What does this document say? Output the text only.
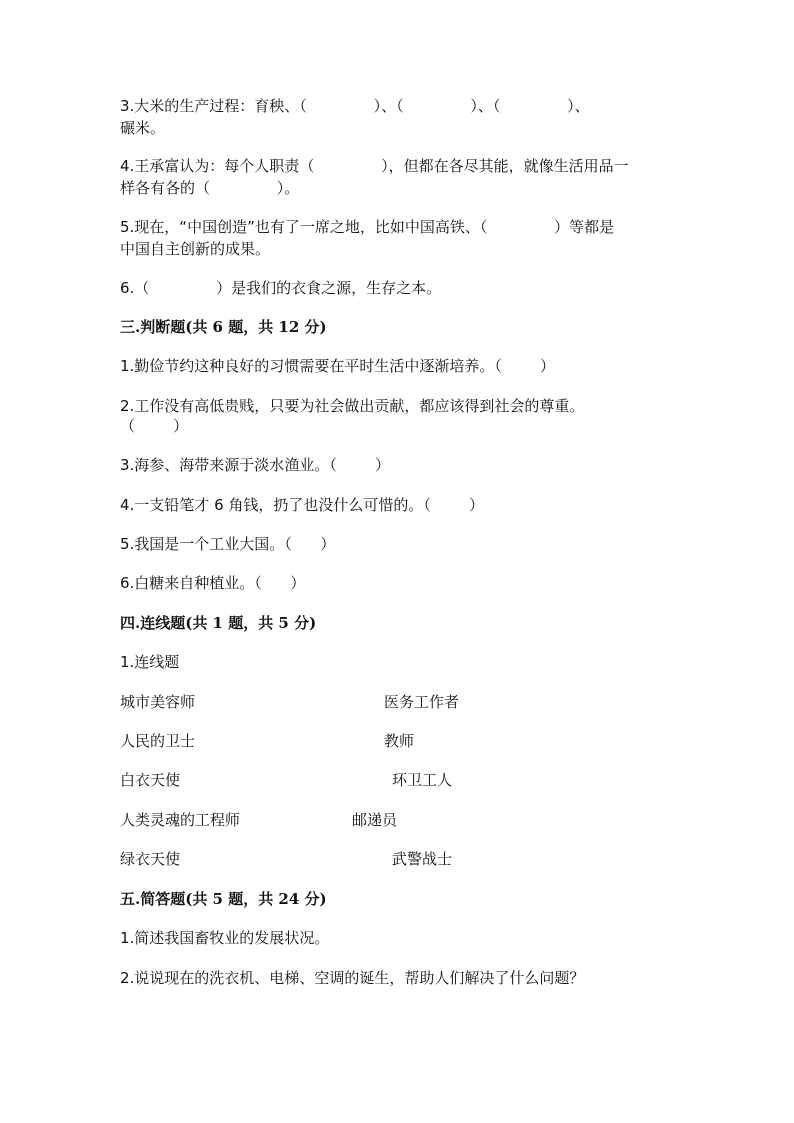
3.大米的生产过程：育秧、（              ）、（              ）、（              ）、
碾米。
4.王承富认为：每个人职责（              ），但都在各尽其能，就像生活用品一
样各有各的（              ）。
5.现在，“中国创造”也有了一席之地，比如中国高铁、（              ）等都是
中国自主创新的成果。
6.（              ）是我们的衣食之源，生存之本。
三.判断题(共 6 题，共 12 分)
1.勤俭节约这种良好的习惯需要在平时生活中逐渐培养。（        ）
2.工作没有高低贵贱，只要为社会做出贡献，都应该得到社会的尊重。
（        ）
3.海参、海带来源于淡水渔业。（        ）
4.一支铅笔才 6 角钱，扔了也没什么可惜的。（        ）
5.我国是一个工业大国。（      ）
6.白糖来自种植业。（      ）
四.连线题(共 1 题，共 5 分)
1.连线题
城市美容师	医务工作者
人民的卫士	教师
白衣天使	环卫工人
人类灵魂的工程师	邮递员
绿衣天使	武警战士
五.简答题(共 5 题，共 24 分)
1.简述我国畜牧业的发展状况。
2.说说现在的洗衣机、电梯、空调的诞生，帮助人们解决了什么问题？
